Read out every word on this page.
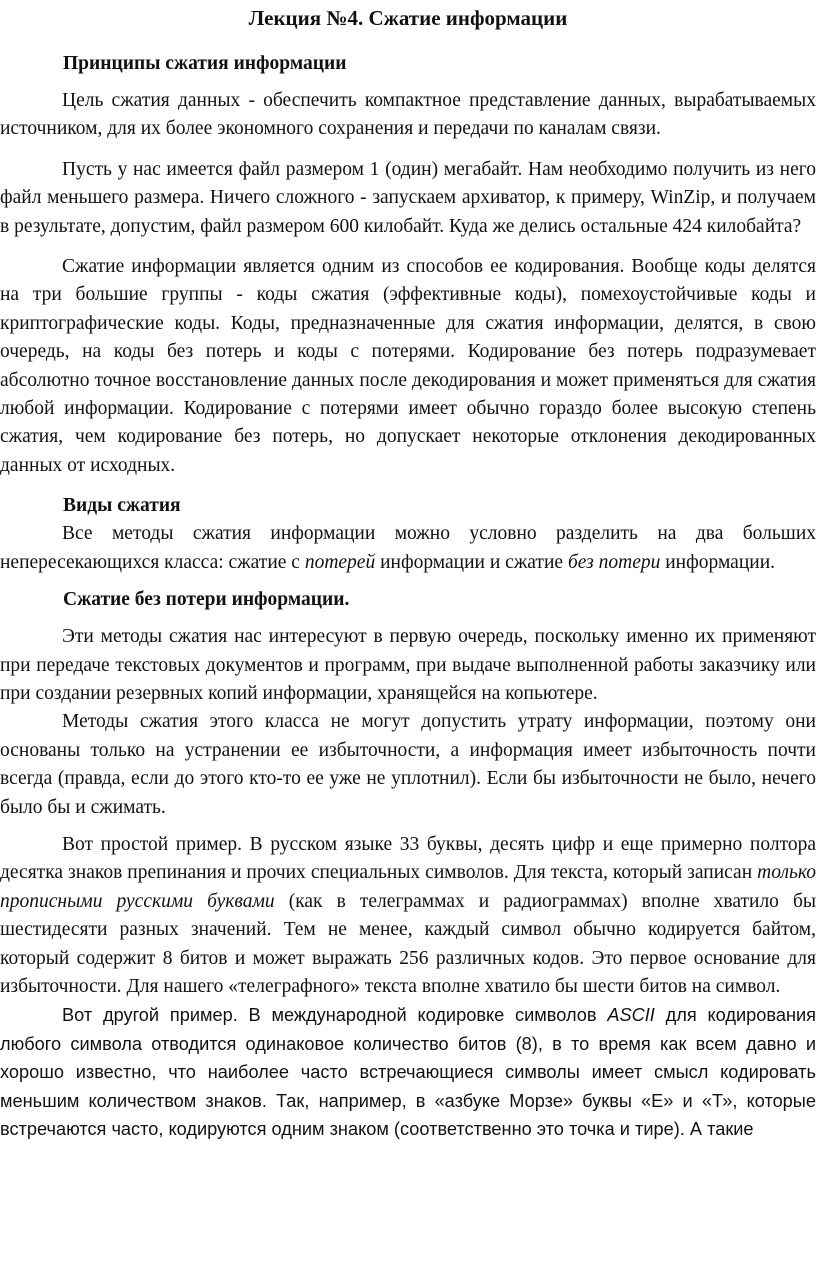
Лекция №4. Сжатие информации
Принципы сжатия информации

Цель сжатия данных - обеспечить компактное представление данных, вырабатываемых источником, для их более экономного сохранения и передачи по каналам связи.

Пусть у нас имеется файл размером 1 (один) мегабайт. Нам необходимо получить из него файл меньшего размера. Ничего сложного - запускаем архиватор, к примеру, WinZip, и получаем в результате, допустим, файл размером 600 килобайт. Куда же делись остальные 424 килобайта?

Сжатие информации является одним из способов ее кодирования. Вообще коды делятся на три большие группы - коды сжатия (эффективные коды), помехоустойчивые коды и криптографические коды. Коды, предназначенные для сжатия информации, делятся, в свою очередь, на коды без потерь и коды с потерями. Кодирование без потерь подразумевает абсолютно точное восстановление данных после декодирования и может применяться для сжатия любой информации. Кодирование с потерями имеет обычно гораздо более высокую степень сжатия, чем кодирование без потерь, но допускает некоторые отклонения декодированных данных от исходных.

Виды сжатия

Все методы сжатия информации можно условно разделить на два больших непересекающихся класса: сжатие с потерей информации и сжатие без потери информации.

Сжатие без потери информации.

Эти методы сжатия нас интересуют в первую очередь, поскольку именно их применяют при передаче текстовых документов и программ, при выдаче выполненной работы заказчику или при создании резервных копий информации, хранящейся на копьютере.

Методы сжатия этого класса не могут допустить утрату информации, поэтому они основаны только на устранении ее избыточности, а информация имеет избыточность почти всегда (правда, если до этого кто-то ее уже не уплотнил). Если бы избыточности не было, нечего было бы и сжимать.

Вот простой пример. В русском языке 33 буквы, десять цифр и еще примерно полтора десятка знаков препинания и прочих специальных символов. Для текста, который записан только прописными русскими буквами (как в телеграммах и радиограммах) вполне хватило бы шестидесяти разных значений. Тем не менее, каждый символ обычно кодируется байтом, который содержит 8 битов и может выражать 256 различных кодов. Это первое основание для избыточности. Для нашего «телеграфного» текста вполне хватило бы шести битов на символ.

Вот другой пример. В международной кодировке символов ASCII для кодирования любого символа отводится одинаковое количество битов (8), в то время как всем давно и хорошо известно, что наиболее часто встречающиеся символы имеет смысл кодировать меньшим количеством знаков. Так, например, в «азбуке Морзе» буквы «Е» и «Т», которые встречаются часто, кодируются одним знаком (соответственно это точка и тире). А такие
